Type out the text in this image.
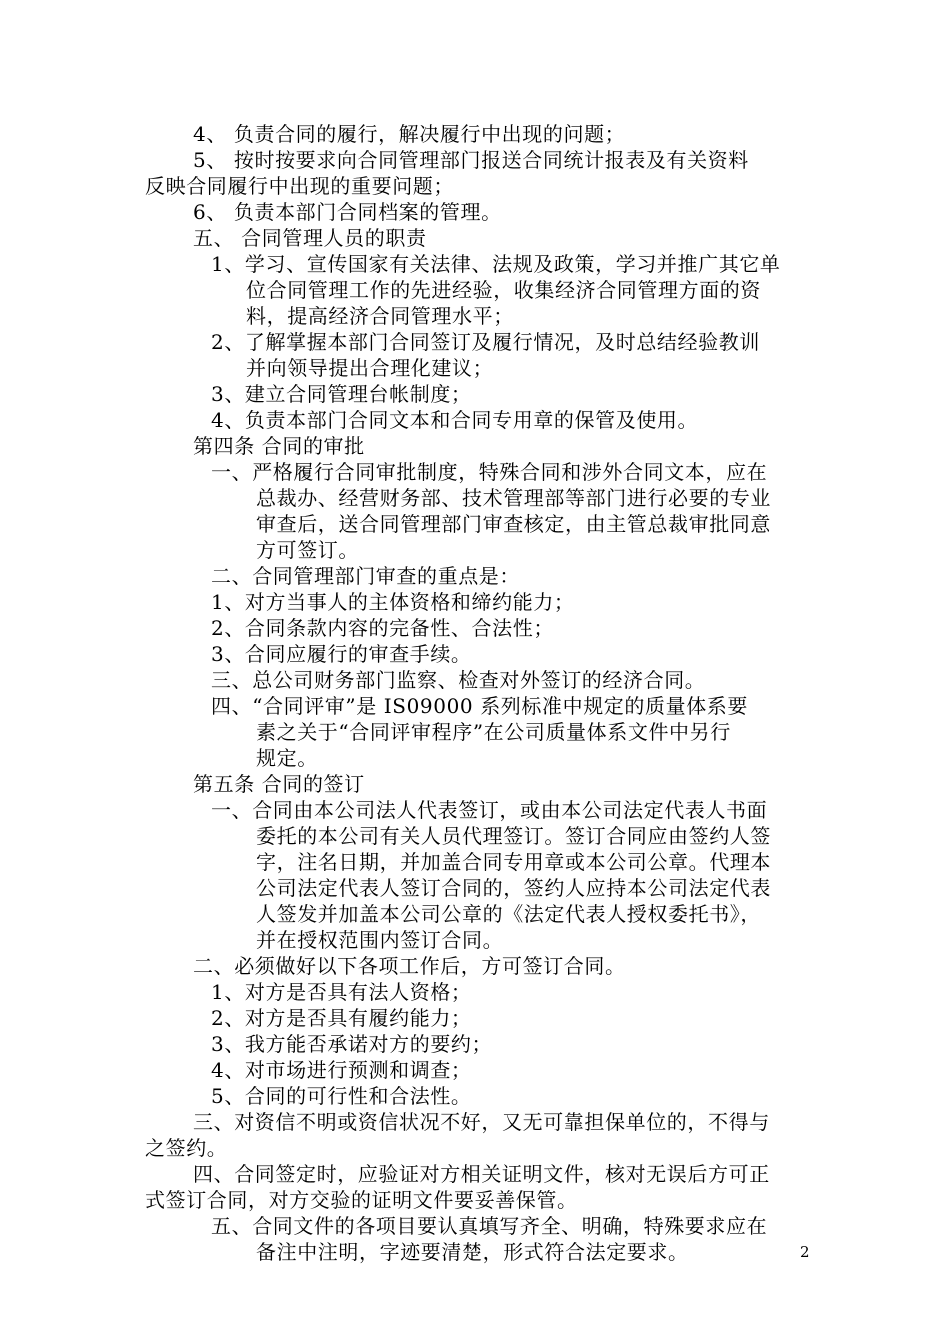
4、 负责合同的履行，解决履行中出现的问题；

5、 按时按要求向合同管理部门报送合同统计报表及有关资料

反映合同履行中出现的重要问题；

6、 负责本部门合同档案的管理。

五、 合同管理人员的职责

1、学习、宣传国家有关法律、法规及政策，学习并推广其它单

位合同管理工作的先进经验，收集经济合同管理方面的资

料，提高经济合同管理水平；

2、了解掌握本部门合同签订及履行情况，及时总结经验教训

并向领导提出合理化建议；

3、建立合同管理台帐制度；

4、负责本部门合同文本和合同专用章的保管及使用。

第四条 合同的审批

一、严格履行合同审批制度，特殊合同和涉外合同文本，应在

总裁办、经营财务部、技术管理部等部门进行必要的专业

审查后，送合同管理部门审查核定，由主管总裁审批同意

方可签订。

二、合同管理部门审查的重点是：

1、对方当事人的主体资格和缔约能力；

2、合同条款内容的完备性、合法性；

3、合同应履行的审查手续。

三、总公司财务部门监察、检查对外签订的经济合同。

四、“合同评审”是 IS09000 系列标准中规定的质量体系要

素之关于“合同评审程序”在公司质量体系文件中另行

规定。

第五条 合同的签订

一、合同由本公司法人代表签订，或由本公司法定代表人书面

委托的本公司有关人员代理签订。签订合同应由签约人签

字，注名日期，并加盖合同专用章或本公司公章。代理本

公司法定代表人签订合同的，签约人应持本公司法定代表

人签发并加盖本公司公章的《法定代表人授权委托书》，

并在授权范围内签订合同。

二、必须做好以下各项工作后，方可签订合同。

1、对方是否具有法人资格；

2、对方是否具有履约能力；

3、我方能否承诺对方的要约；

4、对市场进行预测和调查；

5、合同的可行性和合法性。

三、对资信不明或资信状况不好，又无可靠担保单位的，不得与

之签约。

四、合同签定时，应验证对方相关证明文件，核对无误后方可正

式签订合同，对方交验的证明文件要妥善保管。

五、合同文件的各项目要认真填写齐全、明确，特殊要求应在

备注中注明，字迹要清楚，形式符合法定要求。	2
